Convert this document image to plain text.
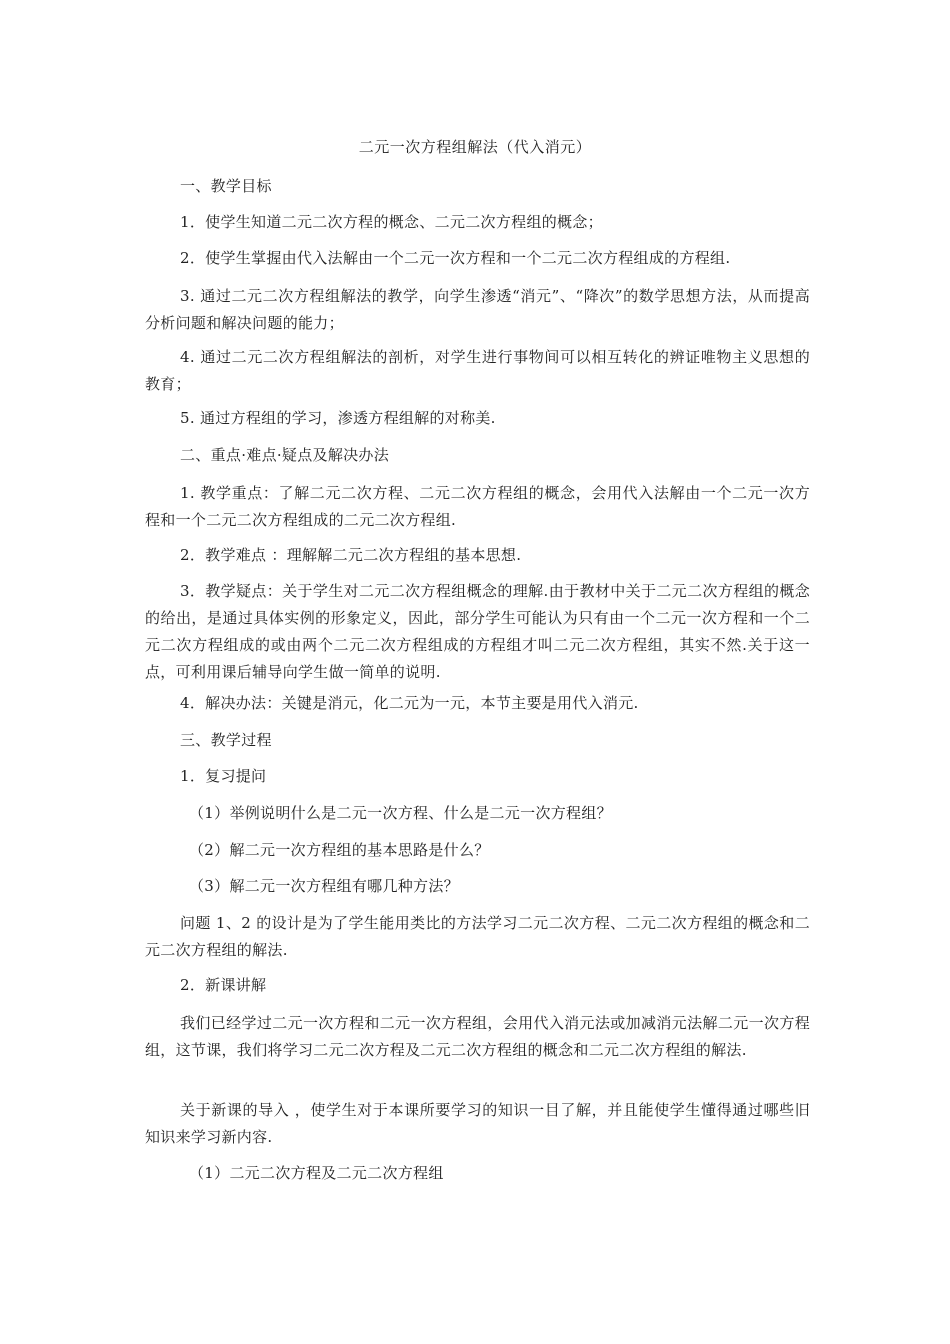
二元一次方程组解法（代入消元）
一、教学目标
1．使学生知道二元二次方程的概念、二元二次方程组的概念；
2．使学生掌握由代入法解由一个二元一次方程和一个二元二次方程组成的方程组.
3. 通过二元二次方程组解法的教学，向学生渗透“消元”、“降次”的数学思想方法，从而提高分析问题和解决问题的能力；
4. 通过二元二次方程组解法的剖析，对学生进行事物间可以相互转化的辨证唯物主义思想的教育；
5. 通过方程组的学习，渗透方程组解的对称美.
二、重点·难点·疑点及解决办法
1. 教学重点：了解二元二次方程、二元二次方程组的概念，会用代入法解由一个二元一次方程和一个二元二次方程组成的二元二次方程组.
2．教学难点 ：理解解二元二次方程组的基本思想.
3．教学疑点：关于学生对二元二次方程组概念的理解.由于教材中关于二元二次方程组的概念的给出，是通过具体实例的形象定义，因此，部分学生可能认为只有由一个二元一次方程和一个二元二次方程组成的或由两个二元二次方程组成的方程组才叫二元二次方程组，其实不然.关于这一点，可利用课后辅导向学生做一简单的说明.
4．解决办法：关键是消元，化二元为一元，本节主要是用代入消元.
三、教学过程
1．复习提问
（1）举例说明什么是二元一次方程、什么是二元一次方程组？
（2）解二元一次方程组的基本思路是什么？
（3）解二元一次方程组有哪几种方法？
问题 1、2 的设计是为了学生能用类比的方法学习二元二次方程、二元二次方程组的概念和二元二次方程组的解法.
2．新课讲解
我们已经学过二元一次方程和二元一次方程组，会用代入消元法或加减消元法解二元一次方程组，这节课，我们将学习二元二次方程及二元二次方程组的概念和二元二次方程组的解法.
关于新课的导入 ，使学生对于本课所要学习的知识一目了解，并且能使学生懂得通过哪些旧知识来学习新内容.
（1）二元二次方程及二元二次方程组
